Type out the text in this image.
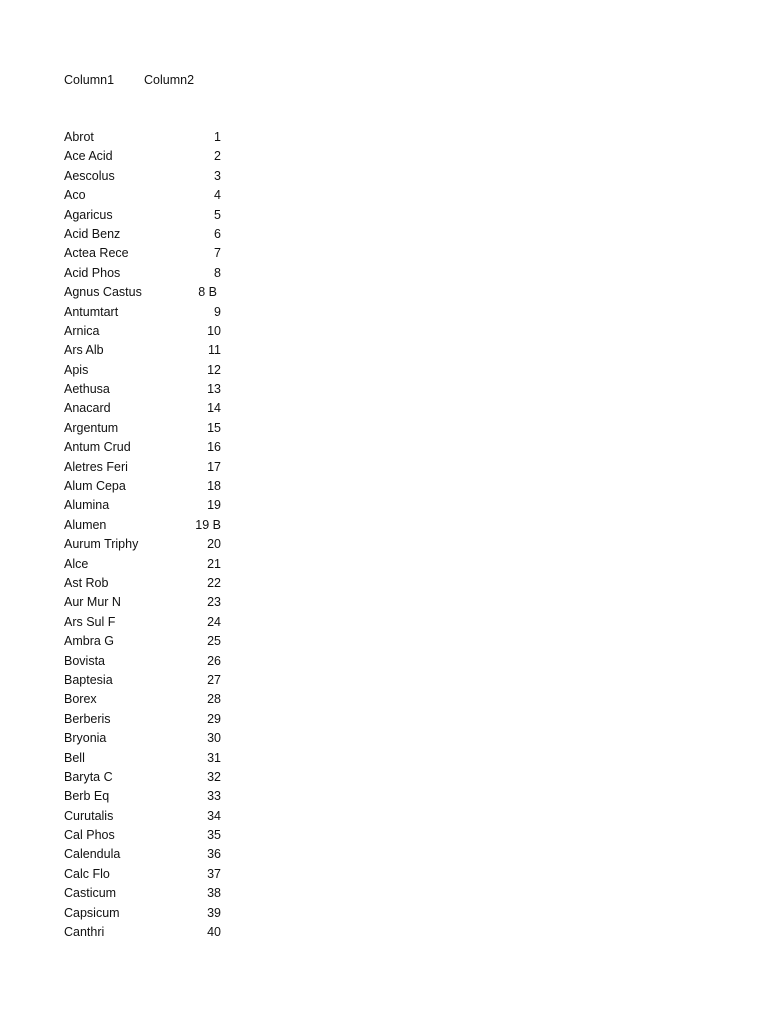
Column1 Column2
Abrot	1
Ace Acid	2
Aescolus	3
Aco	4
Agaricus	5
Acid Benz	6
Actea Rece	7
Acid Phos	8
Agnus Castus	8 B
Antumtart	9
Arnica	10
Ars Alb	11
Apis	12
Aethusa	13
Anacard	14
Argentum	15
Antum Crud	16
Aletres Feri	17
Alum Cepa	18
Alumina	19
Alumen	19 B
Aurum Triphy	20
Alce	21
Ast Rob	22
Aur Mur N	23
Ars Sul F	24
Ambra G	25
Bovista	26
Baptesia	27
Borex	28
Berberis	29
Bryonia	30
Bell	31
Baryta C	32
Berb Eq	33
Curutalis	34
Cal Phos	35
Calendula	36
Calc Flo	37
Casticum	38
Capsicum	39
Canthri	40
